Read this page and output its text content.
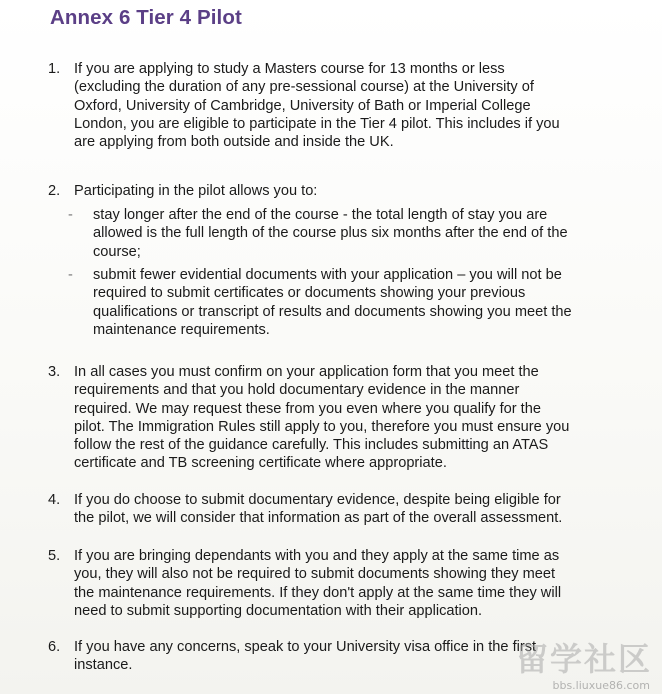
Annex 6 Tier 4 Pilot
1. If you are applying to study a Masters course for 13 months or less
(excluding the duration of any pre-sessional course) at the University of
Oxford, University of Cambridge, University of Bath or Imperial College
London, you are eligible to participate in the Tier 4 pilot. This includes if you
are applying from both outside and inside the UK.
2. Participating in the pilot allows you to:
- stay longer after the end of the course - the total length of stay you are
allowed is the full length of the course plus six months after the end of the
course;
- submit fewer evidential documents with your application – you will not be
required to submit certificates or documents showing your previous
qualifications or transcript of results and documents showing you meet the
maintenance requirements.
3. In all cases you must confirm on your application form that you meet the
requirements and that you hold documentary evidence in the manner
required. We may request these from you even where you qualify for the
pilot. The Immigration Rules still apply to you, therefore you must ensure you
follow the rest of the guidance carefully. This includes submitting an ATAS
certificate and TB screening certificate where appropriate.
4. If you do choose to submit documentary evidence, despite being eligible for
the pilot, we will consider that information as part of the overall assessment.
5. If you are bringing dependants with you and they apply at the same time as
you, they will also not be required to submit documents showing they meet
the maintenance requirements. If they don't apply at the same time they will
need to submit supporting documentation with their application.
6. If you have any concerns, speak to your University visa office in the first
instance.	留学社区
bbs.liuxue86.com
